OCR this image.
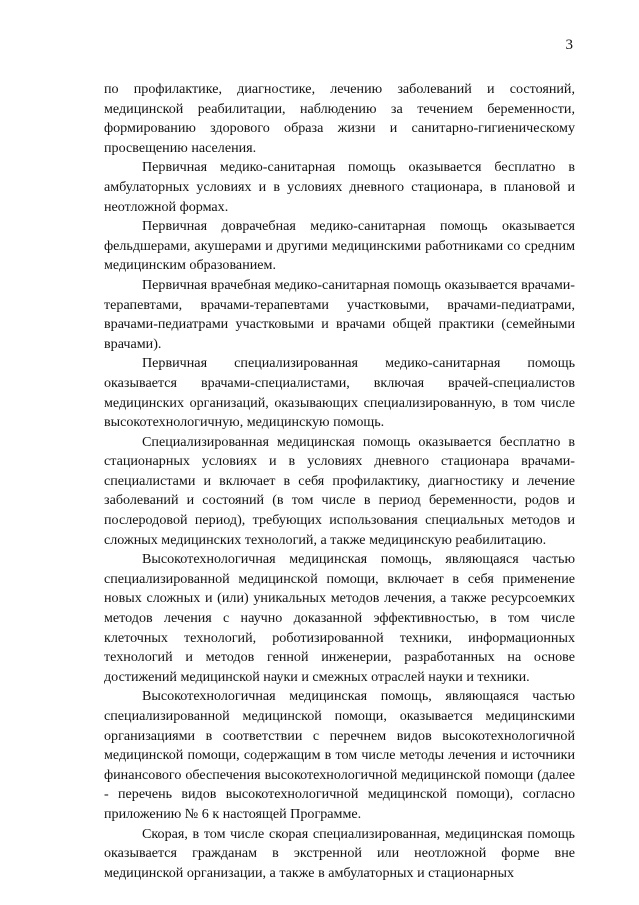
3

по профилактике, диагностике, лечению заболеваний и состояний, медицинской реабилитации, наблюдению за течением беременности, формированию здорового образа жизни и санитарно-гигиеническому просвещению населения.

Первичная медико-санитарная помощь оказывается бесплатно в амбулаторных условиях и в условиях дневного стационара, в плановой и неотложной формах.

Первичная доврачебная медико-санитарная помощь оказывается фельдшерами, акушерами и другими медицинскими работниками со средним медицинским образованием.

Первичная врачебная медико-санитарная помощь оказывается врачами-терапевтами, врачами-терапевтами участковыми, врачами-педиатрами, врачами-педиатрами участковыми и врачами общей практики (семейными врачами).

Первичная специализированная медико-санитарная помощь оказывается врачами-специалистами, включая врачей-специалистов медицинских организаций, оказывающих специализированную, в том числе высокотехнологичную, медицинскую помощь.

Специализированная медицинская помощь оказывается бесплатно в стационарных условиях и в условиях дневного стационара врачами-специалистами и включает в себя профилактику, диагностику и лечение заболеваний и состояний (в том числе в период беременности, родов и послеродовой период), требующих использования специальных методов и сложных медицинских технологий, а также медицинскую реабилитацию.

Высокотехнологичная медицинская помощь, являющаяся частью специализированной медицинской помощи, включает в себя применение новых сложных и (или) уникальных методов лечения, а также ресурсоемких методов лечения с научно доказанной эффективностью, в том числе клеточных технологий, роботизированной техники, информационных технологий и методов генной инженерии, разработанных на основе достижений медицинской науки и смежных отраслей науки и техники.

Высокотехнологичная медицинская помощь, являющаяся частью специализированной медицинской помощи, оказывается медицинскими организациями в соответствии с перечнем видов высокотехнологичной медицинской помощи, содержащим в том числе методы лечения и источники финансового обеспечения высокотехнологичной медицинской помощи (далее - перечень видов высокотехнологичной медицинской помощи), согласно приложению № 6 к настоящей Программе.

Скорая, в том числе скорая специализированная, медицинская помощь оказывается гражданам в экстренной или неотложной форме вне медицинской организации, а также в амбулаторных и стационарных
